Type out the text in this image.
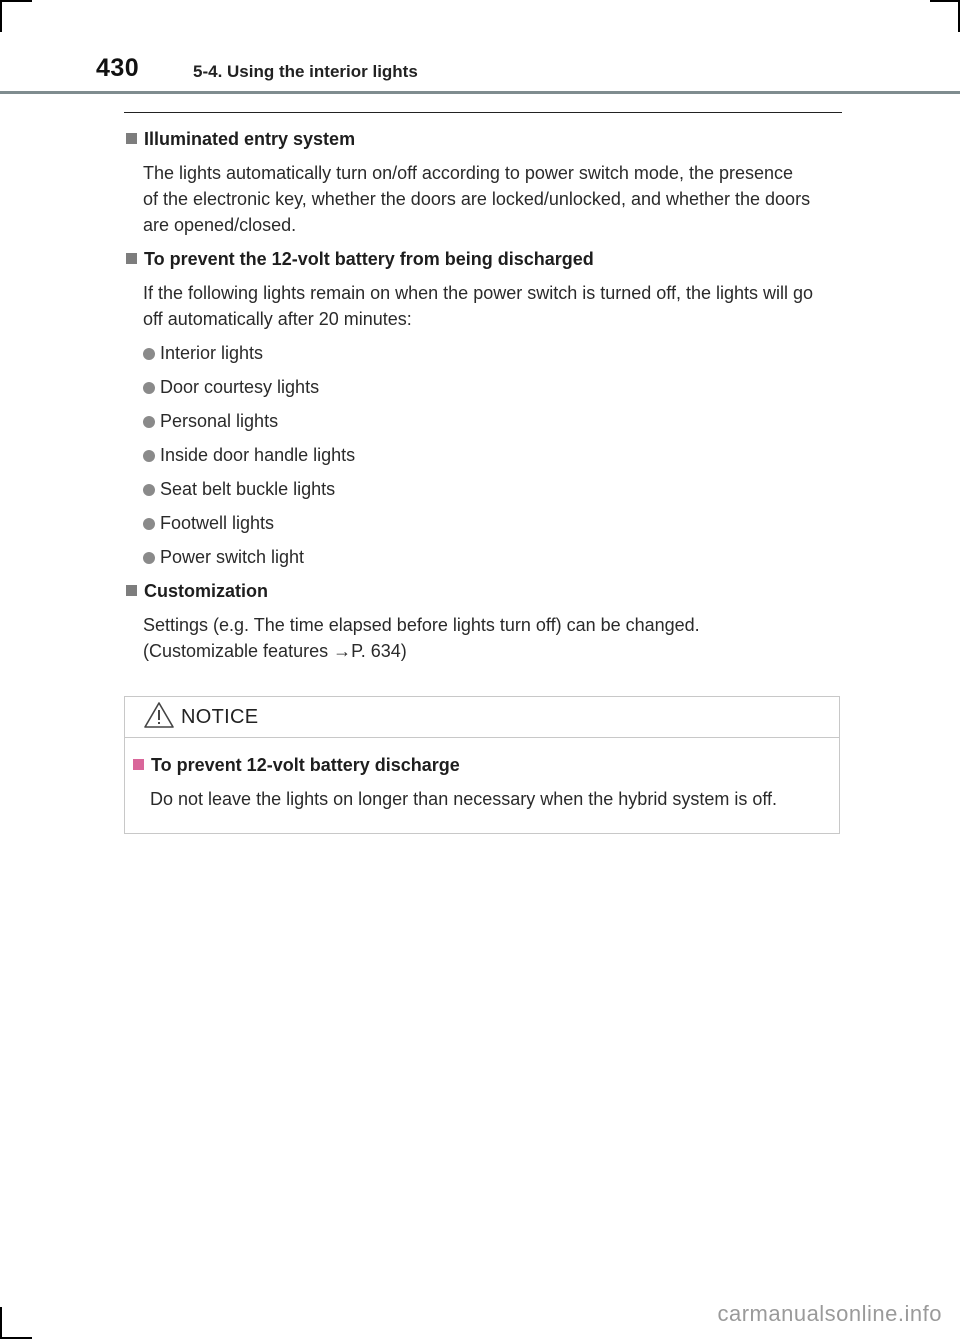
430	5-4. Using the interior lights
Illuminated entry system
The lights automatically turn on/off according to power switch mode, the presence
of the electronic key, whether the doors are locked/unlocked, and whether the doors
are opened/closed.
To prevent the 12-volt battery from being discharged
If the following lights remain on when the power switch is turned off, the lights will go
off automatically after 20 minutes:
Interior lights
Door courtesy lights
Personal lights
Inside door handle lights
Seat belt buckle lights
Footwell lights
Power switch light
Customization
Settings (e.g. The time elapsed before lights turn off) can be changed.
(Customizable features →P. 634)
NOTICE
To prevent 12-volt battery discharge
Do not leave the lights on longer than necessary when the hybrid system is off.
carmanualsonline.info
